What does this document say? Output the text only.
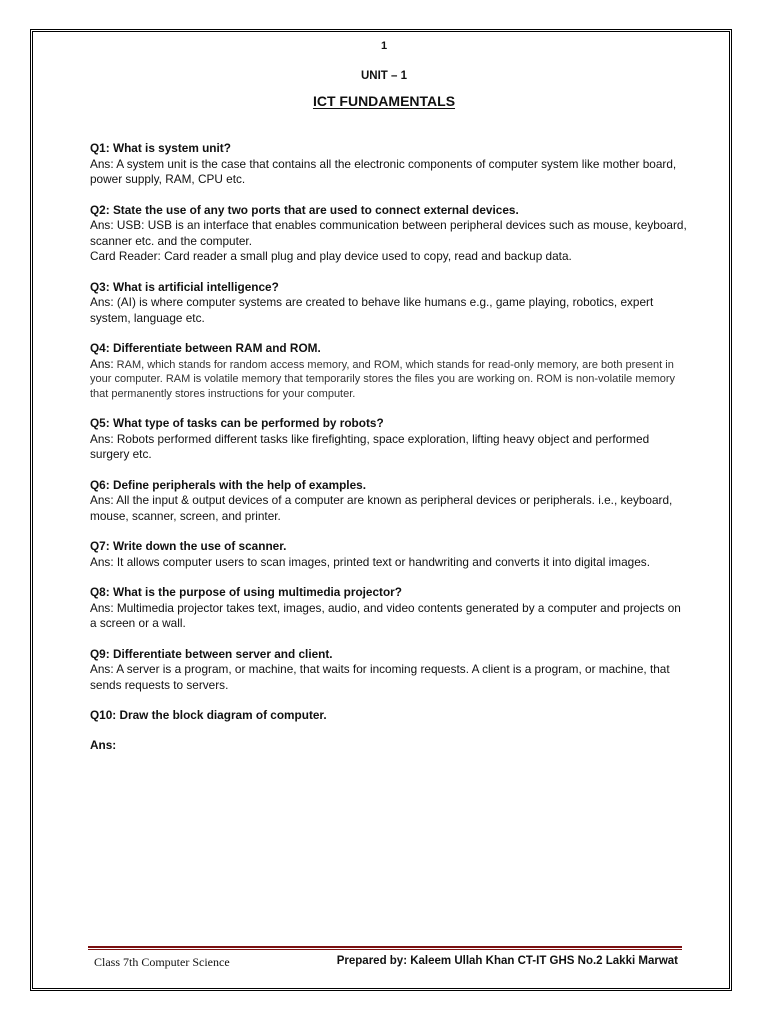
1
UNIT – 1
ICT FUNDAMENTALS

Q1: What is system unit?

Ans: A system unit is the case that contains all the electronic components of computer system like mother board, power supply, RAM, CPU etc.

Q2: State the use of any two ports that are used to connect external devices.

Ans: USB: USB is an interface that enables communication between peripheral devices such as mouse, keyboard, scanner etc. and the computer.

Card Reader: Card reader a small plug and play device used to copy, read and backup data.

Q3: What is artificial intelligence?

Ans: (AI) is where computer systems are created to behave like humans e.g., game playing, robotics, expert system, language etc.

Q4: Differentiate between RAM and ROM.

Ans: RAM, which stands for random access memory, and ROM, which stands for read-only memory, are both present in your computer. RAM is volatile memory that temporarily stores the files you are working on. ROM is non-volatile memory that permanently stores instructions for your computer.

Q5: What type of tasks can be performed by robots?

Ans: Robots performed different tasks like firefighting, space exploration, lifting heavy object and performed surgery etc.

Q6: Define peripherals with the help of examples.

Ans: All the input & output devices of a computer are known as peripheral devices or peripherals. i.e., keyboard, mouse, scanner, screen, and printer.

Q7: Write down the use of scanner.

Ans: It allows computer users to scan images, printed text or handwriting and converts it into digital images.

Q8: What is the purpose of using multimedia projector?

Ans: Multimedia projector takes text, images, audio, and video contents generated by a computer and projects on a screen or a wall.

Q9: Differentiate between server and client.

Ans: A server is a program, or machine, that waits for incoming requests. A client is a program, or machine, that sends requests to servers.

Q10: Draw the block diagram of computer.

Ans:

Class 7th Computer Science	Prepared by: Kaleem Ullah Khan CT-IT GHS No.2 Lakki Marwat
